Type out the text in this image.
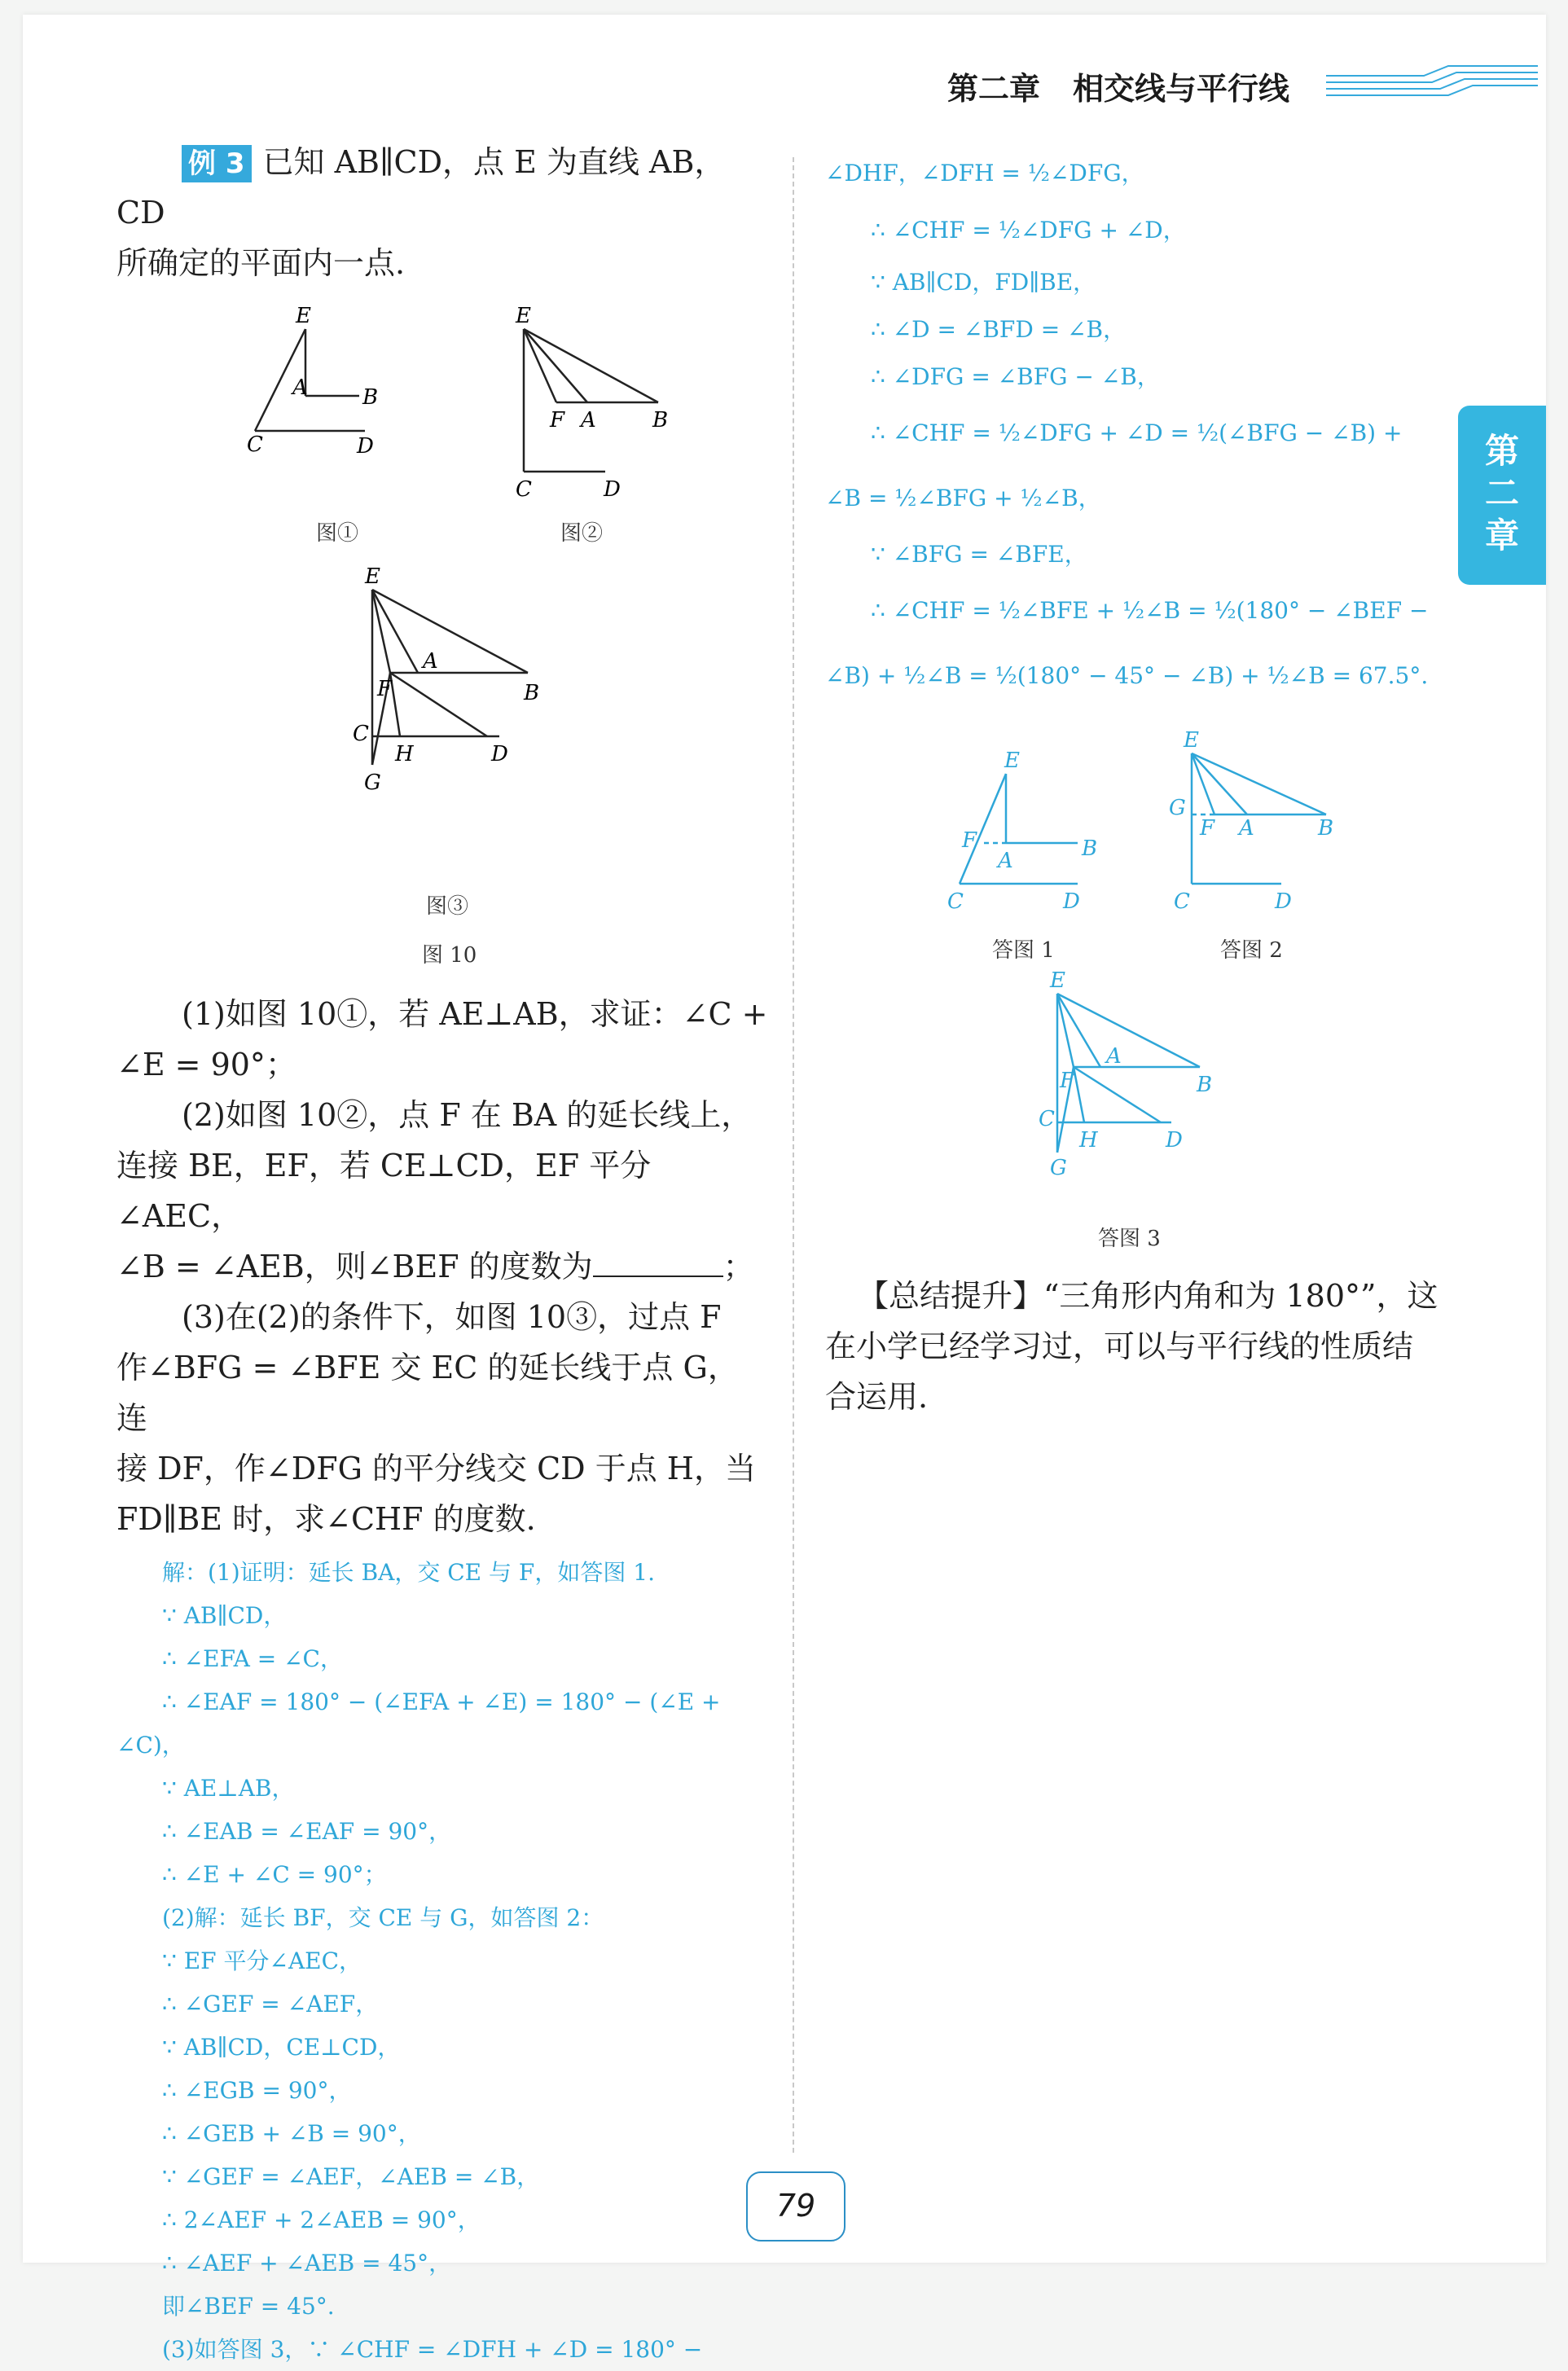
第二章 相交线与平行线
第二章

例 3 已知 AB∥CD，点 E 为直线 AB，CD

所确定的平面内一点.

E
A	B
C	D
图①
E
F A	B
C	D
图②
E
A
F	B
C
H	D
G
图③
图 10

(1)如图 10①，若 AE⊥AB，求证：∠C +

∠E = 90°；

(2)如图 10②，点 F 在 BA 的延长线上，

连接 BE，EF，若 CE⊥CD，EF 平分∠AEC，

∠B = ∠AEB，则∠BEF 的度数为	；

(3)在(2)的条件下，如图 10③，过点 F

作∠BFG = ∠BFE 交 EC 的延长线于点 G，连

接 DF，作∠DFG 的平分线交 CD 于点 H，当

FD∥BE 时，求∠CHF 的度数.

解：(1)证明：延长 BA，交 CE 与 F，如答图 1.

∵ AB∥CD，

∴ ∠EFA = ∠C，

∴ ∠EAF = 180° − (∠EFA + ∠E) = 180° − (∠E +

∠C)，

∵ AE⊥AB，

∴ ∠EAB = ∠EAF = 90°，

∴ ∠E + ∠C = 90°；

(2)解：延长 BF，交 CE 与 G，如答图 2：

∵ EF 平分∠AEC，

∴ ∠GEF = ∠AEF，

∵ AB∥CD，CE⊥CD，

∴ ∠EGB = 90°，

∴ ∠GEB + ∠B = 90°，

∵ ∠GEF = ∠AEF，∠AEB = ∠B，

∴ 2∠AEF + 2∠AEB = 90°，

∴ ∠AEF + ∠AEB = 45°，

即∠BEF = 45°.

(3)如答图 3，∵ ∠CHF = ∠DFH + ∠D = 180° −

∠DHF，∠DFH = ½∠DFG，

∴ ∠CHF = ½∠DFG + ∠D，

∵ AB∥CD，FD∥BE，

∴ ∠D = ∠BFD = ∠B，

∴ ∠DFG = ∠BFG − ∠B，

∴ ∠CHF = ½∠DFG + ∠D = ½(∠BFG − ∠B) +

∠B = ½∠BFG + ½∠B，

∵ ∠BFG = ∠BFE，

∴ ∠CHF = ½∠BFE + ½∠B = ½(180° − ∠BEF −

∠B) + ½∠B = ½(180° − 45° − ∠B) + ½∠B = 67.5°.

E
F
A	B
C	D
答图 1
E
G
F A	B
C	D
答图 2
E
A
F	B
C
H	D
G
答图 3

【总结提升】“三角形内角和为 180°”，这

在小学已经学习过，可以与平行线的性质结

合运用.

79
